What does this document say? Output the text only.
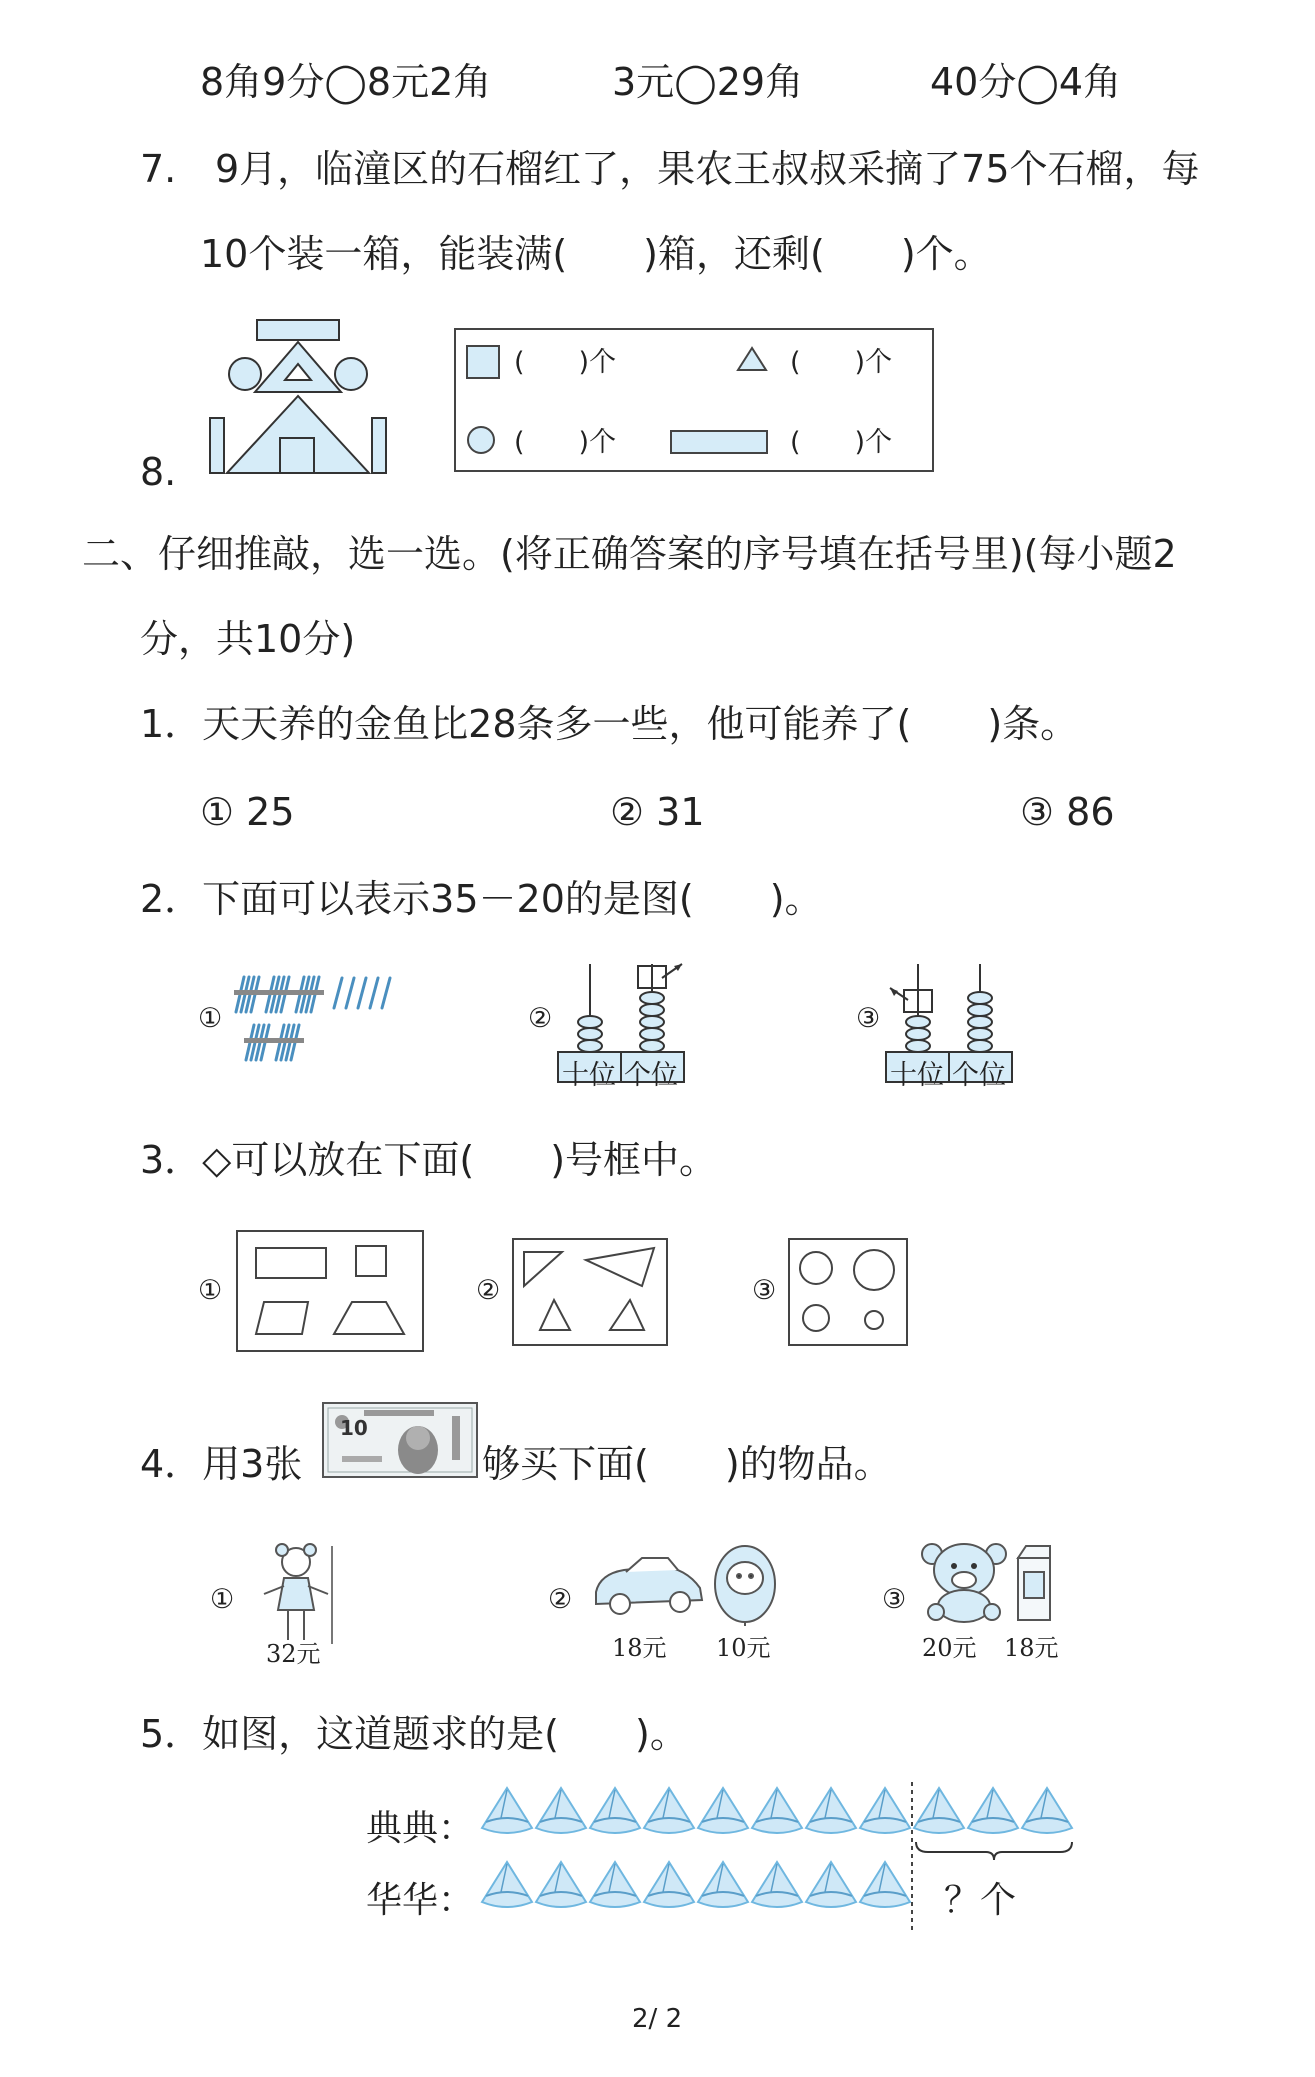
8角9分◯8元2角	3元◯29角	40分◯4角
7. 9月，临潼区的石榴红了，果农王叔叔采摘了75个石榴，每
10个装一箱，能装满(　　)箱，还剩(　　)个。
8.
(　　)个	(　　)个
(　　)个	(　　)个
二、仔细推敲，选一选。(将正确答案的序号填在括号里)(每小题2
分，共10分)
1．天天养的金鱼比28条多一些，他可能养了(　　)条。
① 25	② 31	③ 86
2．下面可以表示35－20的是图(　　)。
①	②
十位 个位
③
十位 个位
3．◇可以放在下面(　　)号框中。
①	②	③
4．用3张
10
够买下面(　　)的物品。
①
32元
②
18元 10元
③
20元 18元
5．如图，这道题求的是(　　)。
典典：
华华：	？个
2/ 2
